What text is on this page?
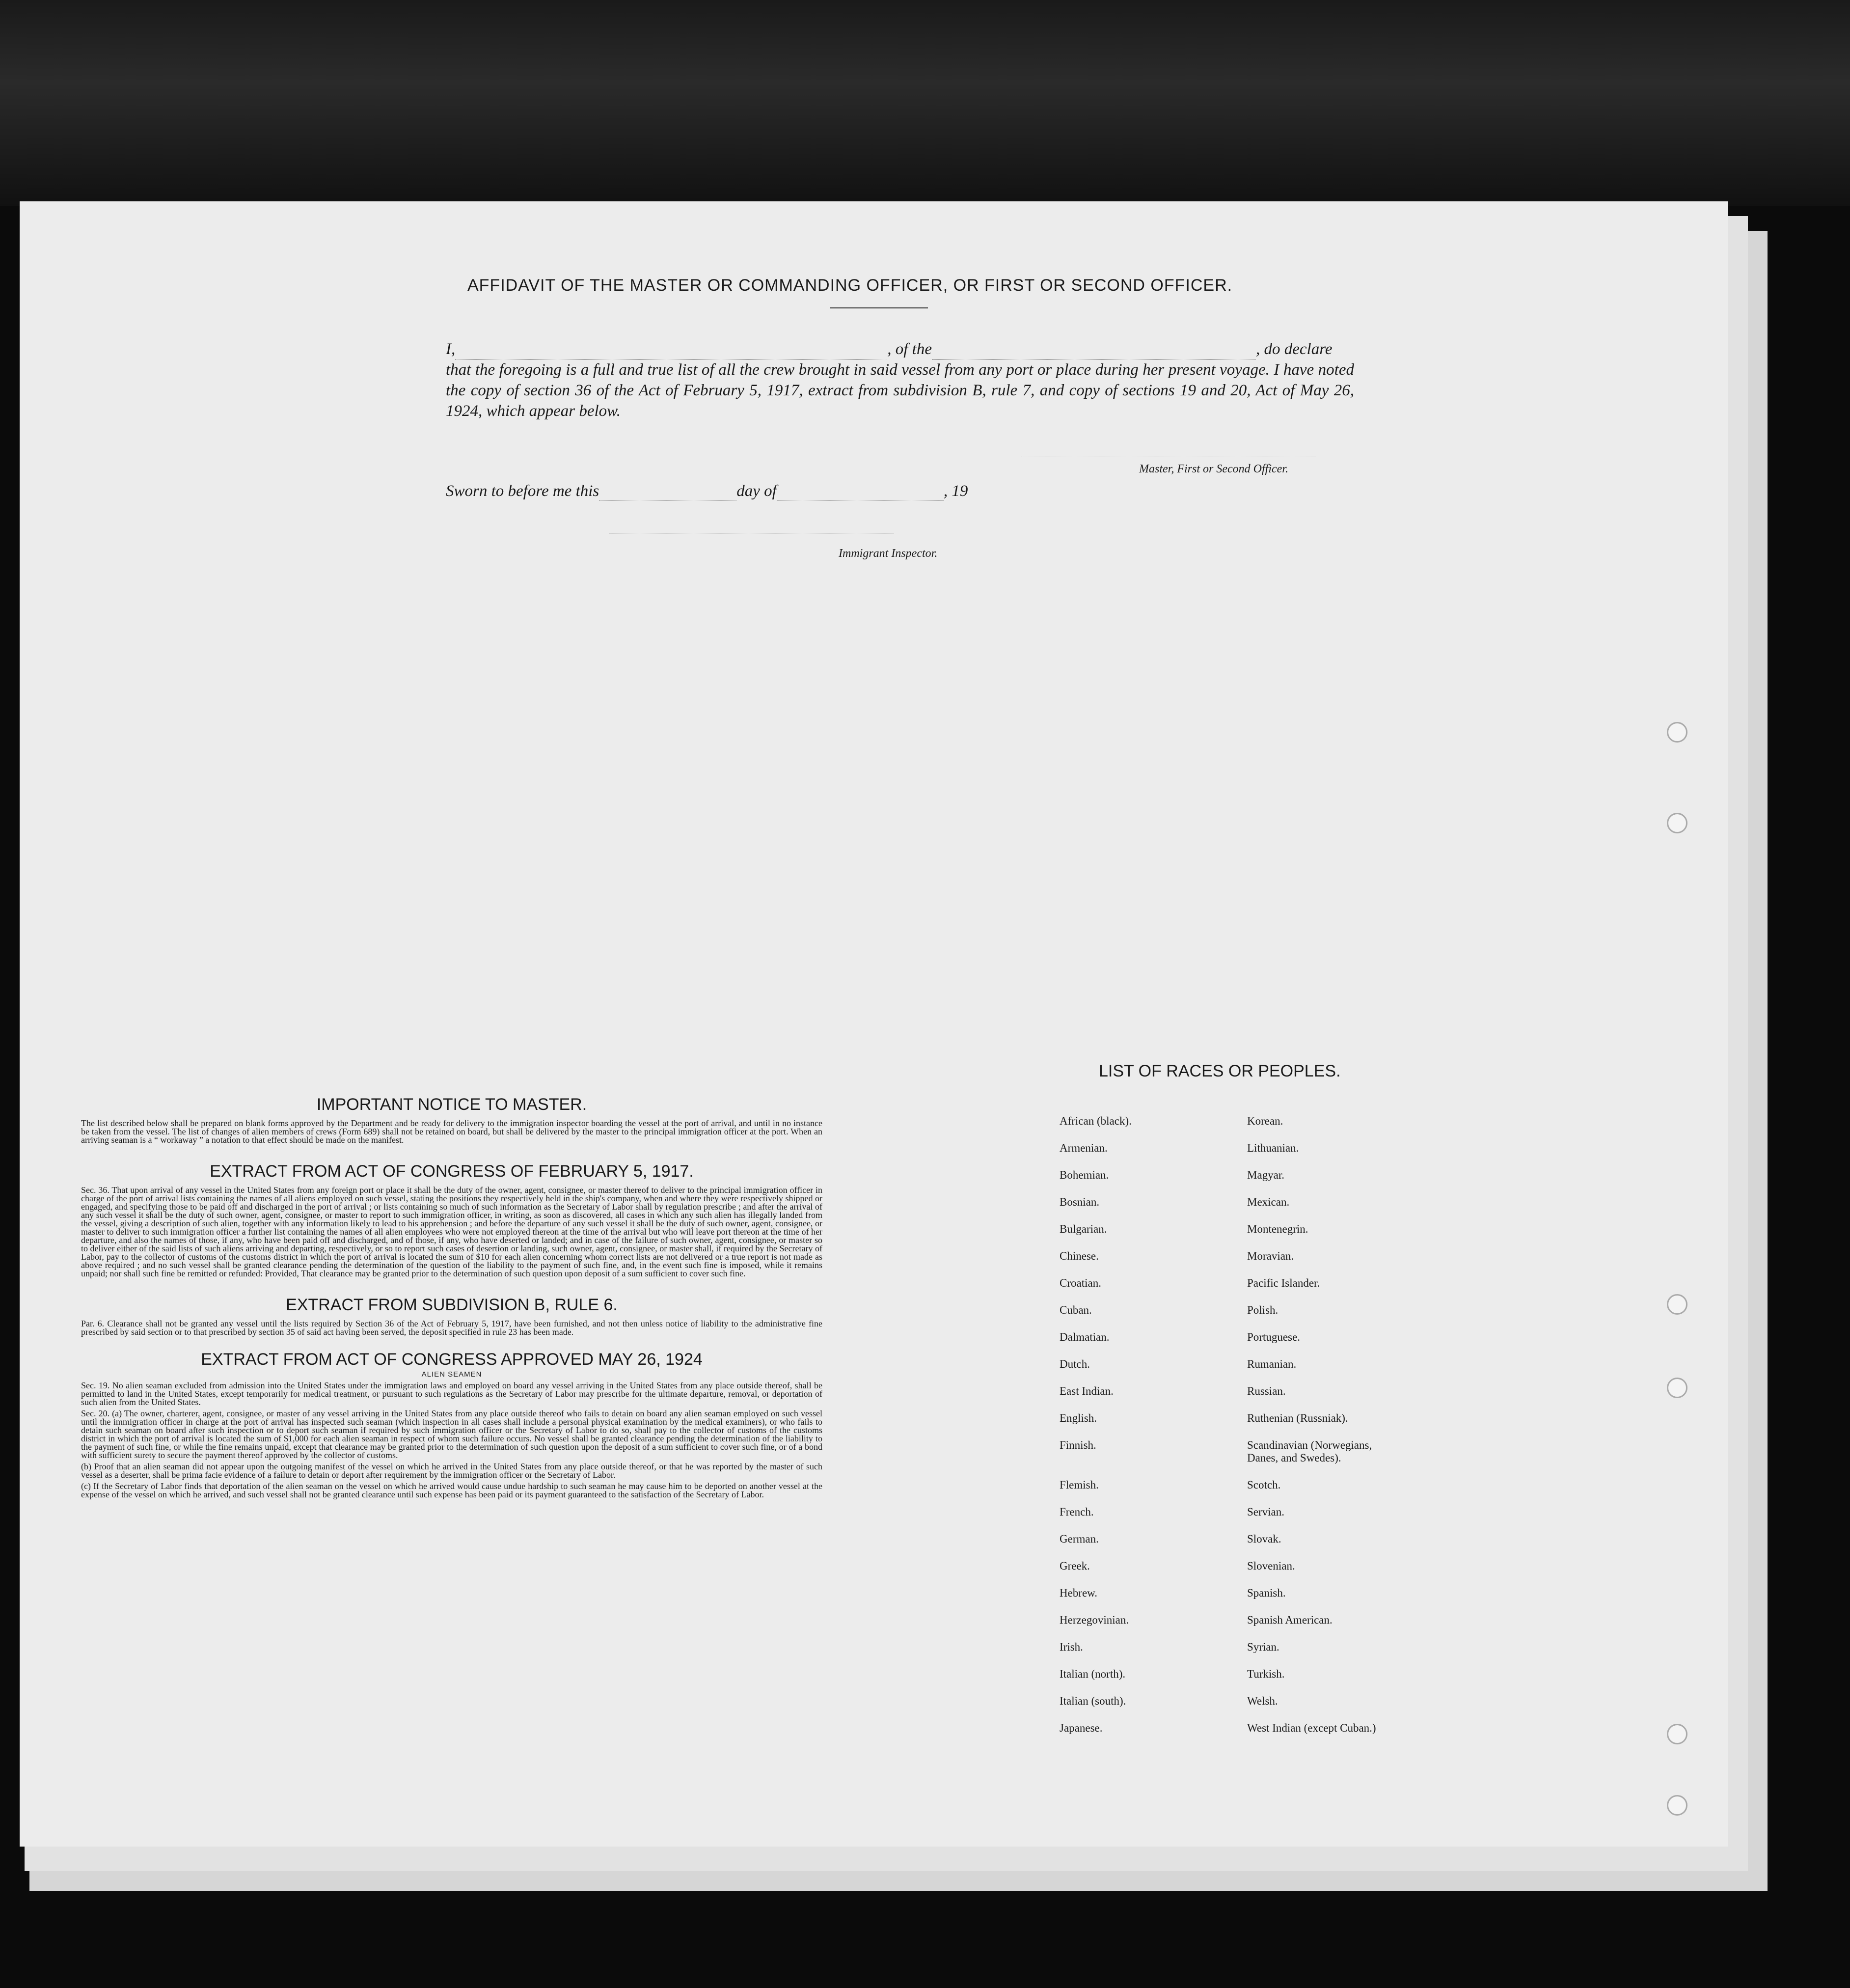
AFFIDAVIT OF THE MASTER OR COMMANDING OFFICER, OR FIRST OR SECOND OFFICER.
I,	, of the	, do declare

that the foregoing is a full and true list of all the crew brought in said vessel from any port or place during her present voyage. I have noted the copy of section 36 of the Act of February 5, 1917, extract from subdivision B, rule 7, and copy of sections 19 and 20, Act of May 26, 1924, which appear below.

Master, First or Second Officer.
Sworn to before me this	day of	, 19
Immigrant Inspector.
IMPORTANT NOTICE TO MASTER.

The list described below shall be prepared on blank forms approved by the Department and be ready for delivery to the immigration inspector boarding the vessel at the port of arrival, and until in no instance be taken from the vessel. The list of changes of alien members of crews (Form 689) shall not be retained on board, but shall be delivered by the master to the principal immigration officer at the port. When an arriving seaman is a “ workaway ” a notation to that effect should be made on the manifest.

EXTRACT FROM ACT OF CONGRESS OF FEBRUARY 5, 1917.

Sec. 36. That upon arrival of any vessel in the United States from any foreign port or place it shall be the duty of the owner, agent, consignee, or master thereof to deliver to the principal immigration officer in charge of the port of arrival lists containing the names of all aliens employed on such vessel, stating the positions they respectively held in the ship's company, when and where they were respectively shipped or engaged, and specifying those to be paid off and discharged in the port of arrival ; or lists containing so much of such information as the Secretary of Labor shall by regulation prescribe ; and after the arrival of any such vessel it shall be the duty of such owner, agent, consignee, or master to report to such immigration officer, in writing, as soon as discovered, all cases in which any such alien has illegally landed from the vessel, giving a description of such alien, together with any information likely to lead to his apprehension ; and before the departure of any such vessel it shall be the duty of such owner, agent, consignee, or master to deliver to such immigration officer a further list containing the names of all alien employees who were not employed thereon at the time of the arrival but who will leave port thereon at the time of her departure, and also the names of those, if any, who have been paid off and discharged, and of those, if any, who have deserted or landed; and in case of the failure of such owner, agent, consignee, or master so to deliver either of the said lists of such aliens arriving and departing, respectively, or so to report such cases of desertion or landing, such owner, agent, consignee, or master shall, if required by the Secretary of Labor, pay to the collector of customs of the customs district in which the port of arrival is located the sum of $10 for each alien concerning whom correct lists are not delivered or a true report is not made as above required ; and no such vessel shall be granted clearance pending the determination of the question of the liability to the payment of such fine, and, in the event such fine is imposed, while it remains unpaid; nor shall such fine be remitted or refunded: Provided, That clearance may be granted prior to the determination of such question upon deposit of a sum sufficient to cover such fine.

EXTRACT FROM SUBDIVISION B, RULE 6.

Par. 6. Clearance shall not be granted any vessel until the lists required by Section 36 of the Act of February 5, 1917, have been furnished, and not then unless notice of liability to the administrative fine prescribed by said section or to that prescribed by section 35 of said act having been served, the deposit specified in rule 23 has been made.

EXTRACT FROM ACT OF CONGRESS APPROVED MAY 26, 1924

ALIEN SEAMEN

Sec. 19. No alien seaman excluded from admission into the United States under the immigration laws and employed on board any vessel arriving in the United States from any place outside thereof, shall be permitted to land in the United States, except temporarily for medical treatment, or pursuant to such regulations as the Secretary of Labor may prescribe for the ultimate departure, removal, or deportation of such alien from the United States.

Sec. 20. (a) The owner, charterer, agent, consignee, or master of any vessel arriving in the United States from any place outside thereof who fails to detain on board any alien seaman employed on such vessel until the immigration officer in charge at the port of arrival has inspected such seaman (which inspection in all cases shall include a personal physical examination by the medical examiners), or who fails to detain such seaman on board after such inspection or to deport such seaman if required by such immigration officer or the Secretary of Labor to do so, shall pay to the collector of customs of the customs district in which the port of arrival is located the sum of $1,000 for each alien seaman in respect of whom such failure occurs. No vessel shall be granted clearance pending the determination of the liability to the payment of such fine, or while the fine remains unpaid, except that clearance may be granted prior to the determination of such question upon the deposit of a sum sufficient to cover such fine, or of a bond with sufficient surety to secure the payment thereof approved by the collector of customs.

(b) Proof that an alien seaman did not appear upon the outgoing manifest of the vessel on which he arrived in the United States from any place outside thereof, or that he was reported by the master of such vessel as a deserter, shall be prima facie evidence of a failure to detain or deport after requirement by the immigration officer or the Secretary of Labor.

(c) If the Secretary of Labor finds that deportation of the alien seaman on the vessel on which he arrived would cause undue hardship to such seaman he may cause him to be deported on another vessel at the expense of the vessel on which he arrived, and such vessel shall not be granted clearance until such expense has been paid or its payment guaranteed to the satisfaction of the Secretary of Labor.

LIST OF RACES OR PEOPLES.
African (black).	Korean.
Armenian.	Lithuanian.
Bohemian.	Magyar.
Bosnian.	Mexican.
Bulgarian.	Montenegrin.
Chinese.	Moravian.
Croatian.	Pacific Islander.
Cuban.	Polish.
Dalmatian.	Portuguese.
Dutch.	Rumanian.
East Indian.	Russian.
English.	Ruthenian (Russniak).
Finnish.	Scandinavian (Norwegians,
Danes, and Swedes).
Flemish.	Scotch.
French.	Servian.
German.	Slovak.
Greek.	Slovenian.
Hebrew.	Spanish.
Herzegovinian.	Spanish American.
Irish.	Syrian.
Italian (north).	Turkish.
Italian (south).	Welsh.
Japanese.	West Indian (except Cuban.)
